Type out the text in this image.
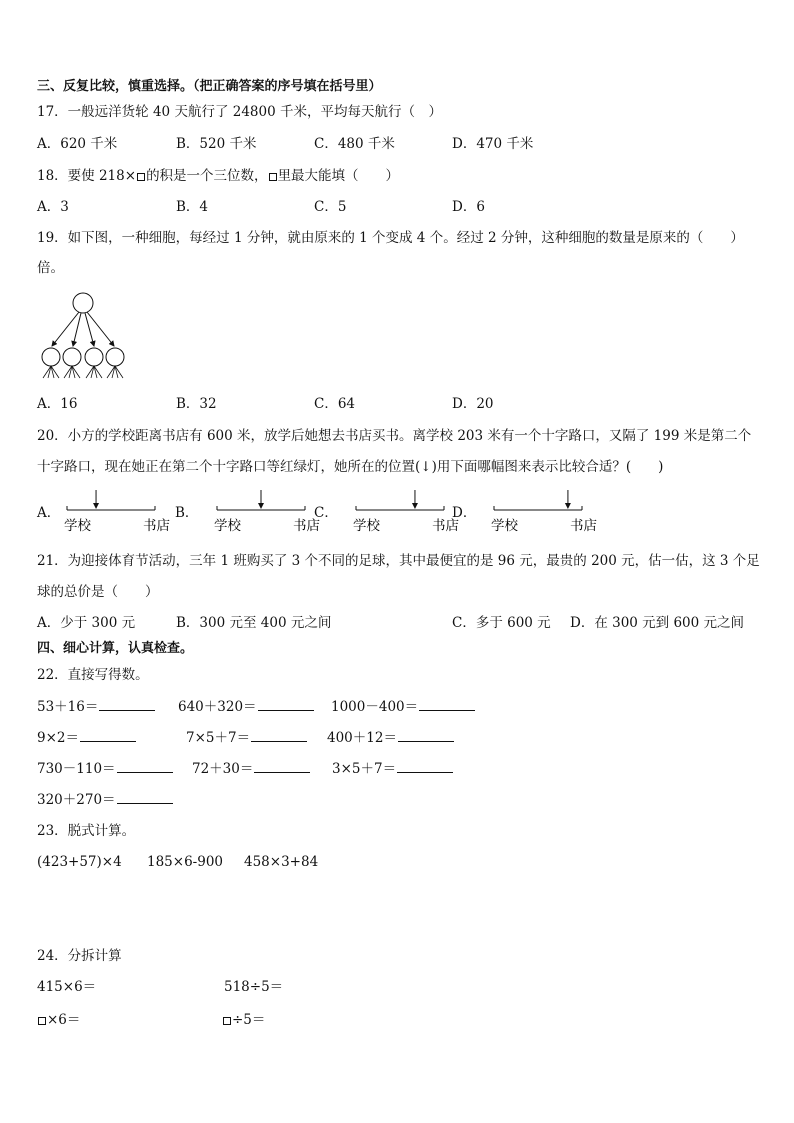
三、反复比较，慎重选择。（把正确答案的序号填在括号里）
17．一般远洋货轮 40 天航行了 24800 千米，平均每天航行（　）
A．620 千米	B．520 千米	C．480 千米	D．470 千米
18．要使 218× 的积是一个三位数， 里最大能填（　　）
A．3	B．4	C．5	D．6
19．如下图，一种细胞，每经过 1 分钟，就由原来的 1 个变成 4 个。经过 2 分钟，这种细胞的数量是原来的（　　）
倍。
A．16	B．32	C．64	D．20
20．小方的学校距离书店有 600 米，放学后她想去书店买书。离学校 203 米有一个十字路口，又隔了 199 米是第二个
十字路口，现在她正在第二个十字路口等红绿灯，她所在的位置(↓)用下面哪幅图来表示比较合适？(　　)
A．	B．	C．	D．
学校	书店	学校	书店 学校	书店 学校	书店
21．为迎接体育节活动，三年 1 班购买了 3 个不同的足球，其中最便宜的是 96 元，最贵的 200 元，估一估，这 3 个足
球的总价是（　　）
A．少于 300 元	B．300 元至 400 元之间	C．多于 600 元 D．在 300 元到 600 元之间
四、细心计算，认真检查。
22．直接写得数。
53＋16＝	640＋320＝	1000－400＝
9×2＝	7×5＋7＝	400＋12＝
730－110＝	72＋30＝	3×5＋7＝
320＋270＝
23．脱式计算。
(423+57)×4 185×6-900 458×3+84
24．分拆计算
415×6＝	518÷5＝
×6＝	÷5＝
